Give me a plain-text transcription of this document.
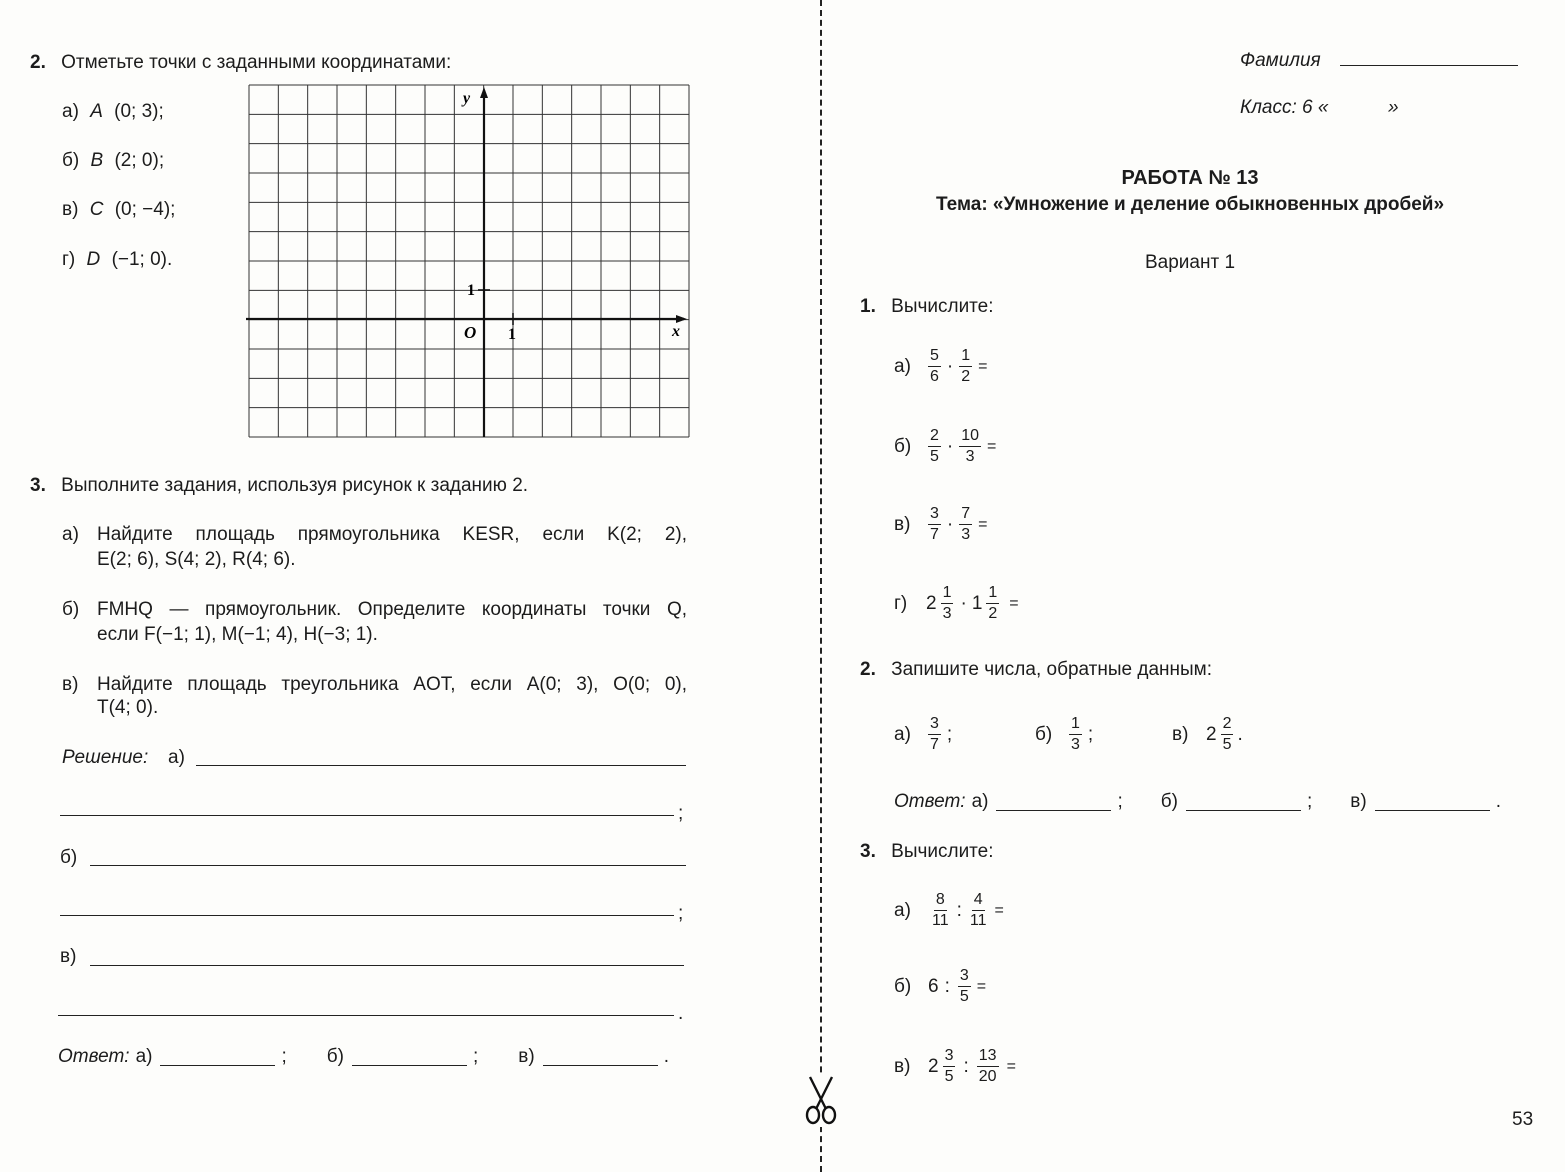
2. Отметьте точки с заданными координатами:
а) A (0; 3);
б) B (2; 0);
в) C (0; −4);
г) D (−1; 0).
x
y
O 1
1
3. Выполните задания, используя рисунок к заданию 2.
а) Найдите площадь прямоугольника KESR, если K(2; 2),
E(2; 6), S(4; 2), R(4; 6).
б) FMHQ — прямоугольник. Определите координаты точки Q,
если F(−1; 1), M(−1; 4), H(−3; 1).
в) Найдите площадь треугольника AOT, если A(0; 3), O(0; 0),
T(4; 0).
Решение: а)
;
б)
;
в)
.
Ответ: а)	; б)	; в)	.
Фамилия
Класс: 6 «	»
РАБОТА № 13
Тема: «Умножение и деление обыкновенных дробей»
Вариант 1
1. Вычислите:
а)	$\frac{5}{6} \cdot \frac{1}{2}$ =
б)	$\frac{2}{5} \cdot \frac{10}{3}$ =
в)	$\frac{3}{7} \cdot \frac{7}{3}$ =
г) $2 \frac{1}{3} \cdot 1 \frac{1}{2}$ =
2. Запишите числа, обратные данным:
а)	$\frac{3}{7}$ ;	б)	$\frac{1}{3}$ ;	в) $2 \frac{2}{5}$ .
Ответ: а)	; б)	; в)	.
3. Вычислите:
а)	$\frac{8}{11}$ : $\frac{4}{11}$ =
б) 6 : $\frac{3}{5}$ =
в) $2 \frac{3}{5}$ : $\frac{13}{20}$ =
53
